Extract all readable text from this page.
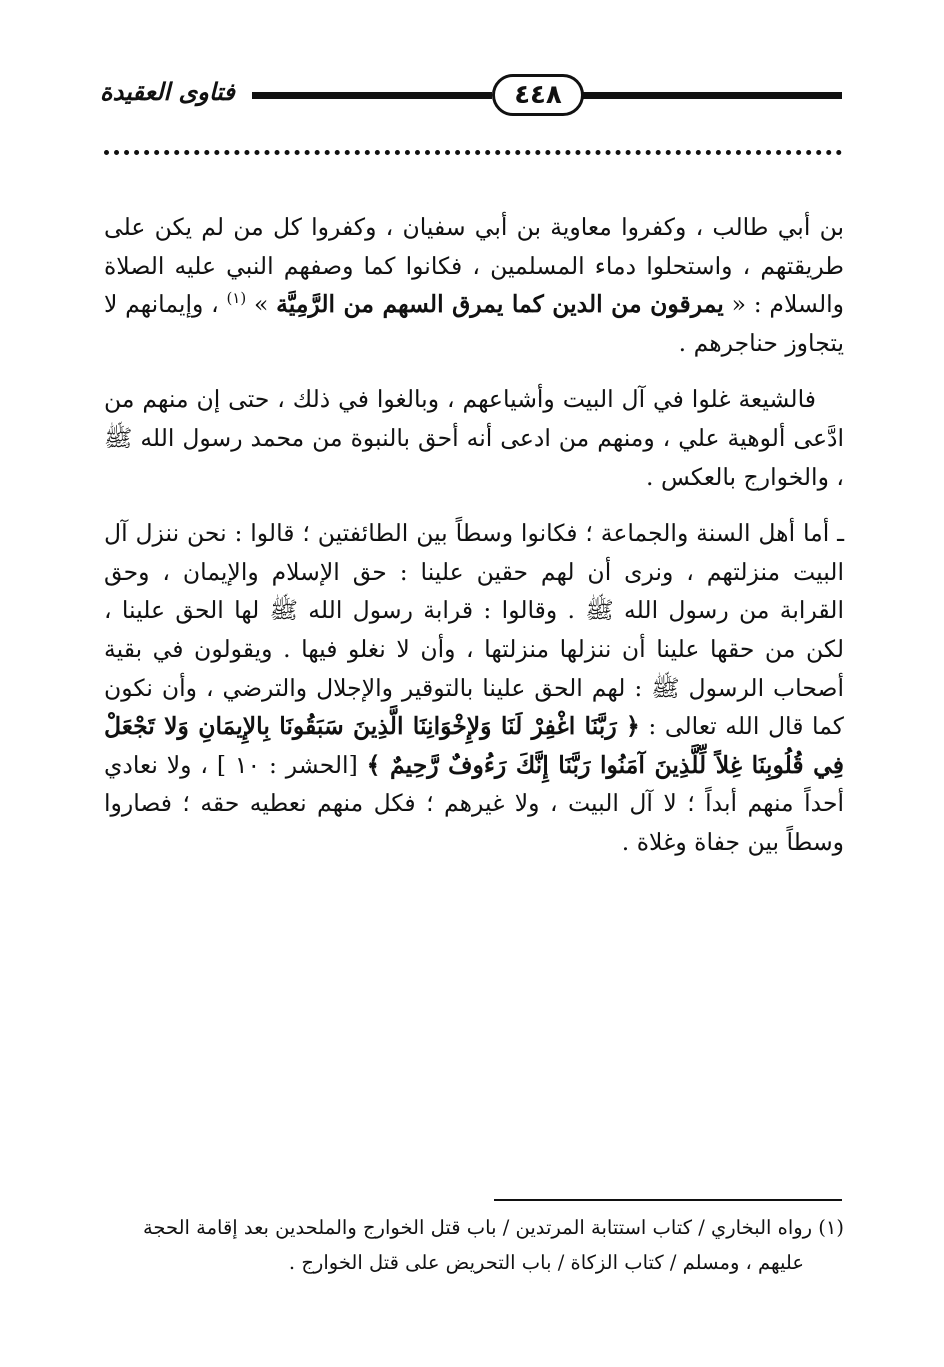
٤٤٨
فتاوى العقيدة

بن أبي طالب ، وكفروا معاوية بن أبي سفيان ، وكفروا كل من لم يكن على طريقتهم ، واستحلوا دماء المسلمين ، فكانوا كما وصفهم النبي عليه الصلاة والسلام : « يمرقون من الدين كما يمرق السهم من الرَّمِيَّة » $^{(١)}$ ، وإيمانهم لا يتجاوز حناجرهم .

فالشيعة غلوا في آل البيت وأشياعهم ، وبالغوا في ذلك ، حتى إن منهم من ادَّعى ألوهية علي ، ومنهم من ادعى أنه أحق بالنبوة من محمد رسول الله ﷺ ، والخوارج بالعكس .

ـ أما أهل السنة والجماعة ؛ فكانوا وسطاً بين الطائفتين ؛ قالوا : نحن ننزل آل البيت منزلتهم ، ونرى أن لهم حقين علينا : حق الإسلام والإيمان ، وحق القرابة من رسول الله ﷺ . وقالوا : قرابة رسول الله ﷺ لها الحق علينا ، لكن من حقها علينا أن ننزلها منزلتها ، وأن لا نغلو فيها . ويقولون في بقية أصحاب الرسول ﷺ : لهم الحق علينا بالتوقير والإجلال والترضي ، وأن نكون كما قال الله تعالى : ﴿ رَبَّنَا اغْفِرْ لَنَا وَلإِخْوَانِنَا الَّذِينَ سَبَقُونَا بِالإِيمَانِ وَلا تَجْعَلْ فِي قُلُوبِنَا غِلاً لِّلَّذِينَ آمَنُوا رَبَّنَا إِنَّكَ رَءُوفٌ رَّحِيمٌ ﴾ [الحشر : ١٠ ] ، ولا نعادي أحداً منهم أبداً ؛ لا آل البيت ، ولا غيرهم ؛ فكل منهم نعطيه حقه ؛ فصاروا وسطاً بين جفاة وغلاة .

(١) رواه البخاري / كتاب استتابة المرتدين / باب قتل الخوارج والملحدين بعد إقامة الحجة

عليهم ، ومسلم / كتاب الزكاة / باب التحريض على قتل الخوارج .
